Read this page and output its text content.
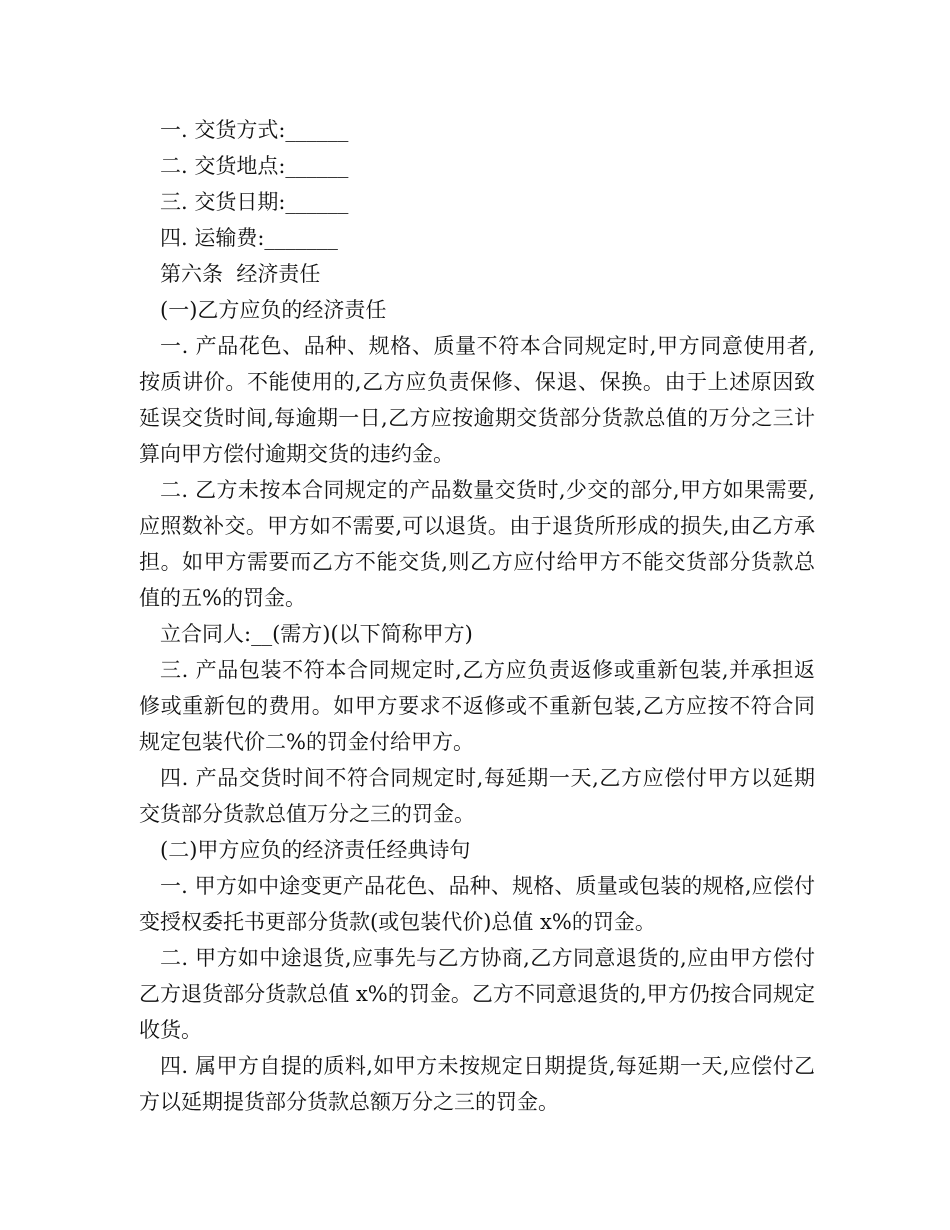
一. 交货方式:______

二. 交货地点:______

三. 交货日期:______

四. 运输费:_______

第六条  经济责任

(一)乙方应负的经济责任

一. 产品花色、品种、规格、质量不符本合同规定时,甲方同意使用者,按质讲价。不能使用的,乙方应负责保修、保退、保换。由于上述原因致延误交货时间,每逾期一日,乙方应按逾期交货部分货款总值的万分之三计算向甲方偿付逾期交货的违约金。

二. 乙方未按本合同规定的产品数量交货时,少交的部分,甲方如果需要,应照数补交。甲方如不需要,可以退货。由于退货所形成的损失,由乙方承担。如甲方需要而乙方不能交货,则乙方应付给甲方不能交货部分货款总值的五%的罚金。

立合同人:__(需方)(以下简称甲方)

三. 产品包装不符本合同规定时,乙方应负责返修或重新包装,并承担返修或重新包的费用。如甲方要求不返修或不重新包装,乙方应按不符合同规定包装代价二%的罚金付给甲方。

四. 产品交货时间不符合同规定时,每延期一天,乙方应偿付甲方以延期交货部分货款总值万分之三的罚金。

(二)甲方应负的经济责任经典诗句

一. 甲方如中途变更产品花色、品种、规格、质量或包装的规格,应偿付变授权委托书更部分货款(或包装代价)总值 x%的罚金。

二. 甲方如中途退货,应事先与乙方协商,乙方同意退货的,应由甲方偿付乙方退货部分货款总值 x%的罚金。乙方不同意退货的,甲方仍按合同规定收货。

四. 属甲方自提的质料,如甲方未按规定日期提货,每延期一天,应偿付乙方以延期提货部分货款总额万分之三的罚金。
